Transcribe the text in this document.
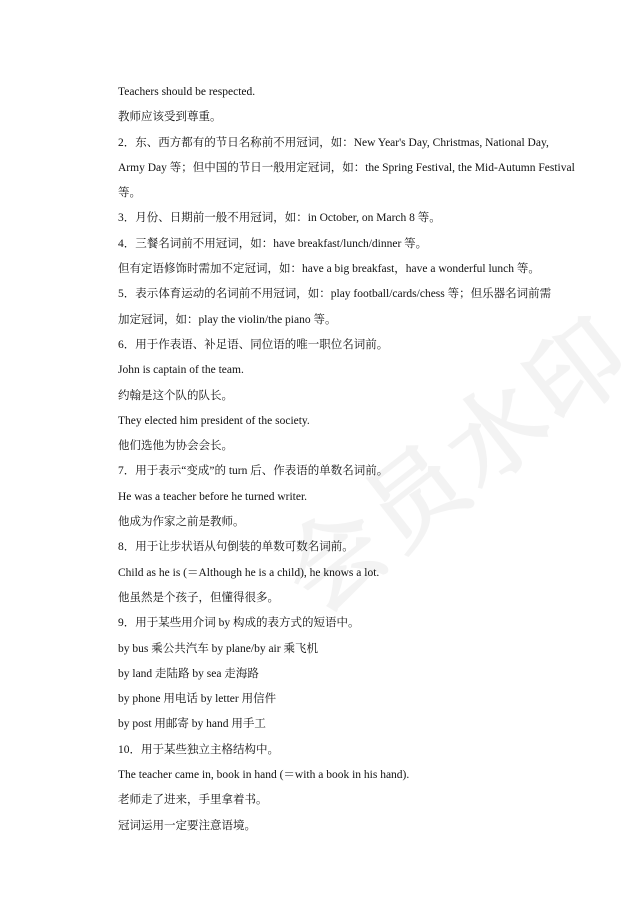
Teachers should be respected.

教师应该受到尊重。

2．东、西方都有的节日名称前不用冠词，如：New Year's Day, Christmas, National Day,

Army Day 等；但中国的节日一般用定冠词，如：the Spring Festival, the Mid-Autumn Festival

等。

3．月份、日期前一般不用冠词，如：in October, on March 8 等。

4．三餐名词前不用冠词，如：have breakfast/lunch/dinner 等。

但有定语修饰时需加不定冠词，如：have a big breakfast，have a wonderful lunch 等。

5．表示体育运动的名词前不用冠词，如：play football/cards/chess 等；但乐器名词前需

加定冠词，如：play the violin/the piano 等。

6．用于作表语、补足语、同位语的唯一职位名词前。

John is captain of the team.

约翰是这个队的队长。

They elected him president of the society.

他们选他为协会会长。

7．用于表示“变成”的 turn 后、作表语的单数名词前。

He was a teacher before he turned writer.

他成为作家之前是教师。

8．用于让步状语从句倒装的单数可数名词前。

Child as he is (＝Although he is a child), he knows a lot.

他虽然是个孩子，但懂得很多。

9．用于某些用介词 by 构成的表方式的短语中。

by bus 乘公共汽车 by plane/by air 乘飞机

by land 走陆路 by sea 走海路

by phone 用电话 by letter 用信件

by post 用邮寄 by hand 用手工

10．用于某些独立主格结构中。

The teacher came in, book in hand (＝with a book in his hand).

老师走了进来，手里拿着书。

冠词运用一定要注意语境。
